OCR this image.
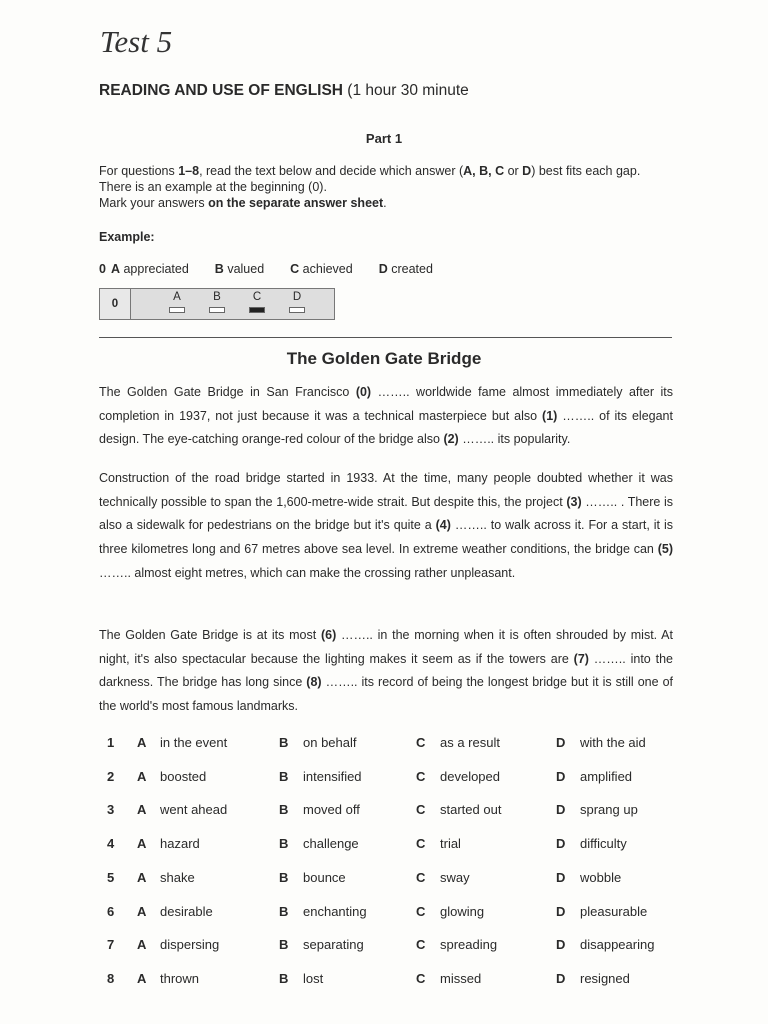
Test 5
READING AND USE OF ENGLISH (1 hour 30 minute
Part 1
For questions 1–8, read the text below and decide which answer (A, B, C or D) best fits each gap.
There is an example at the beginning (0).
Mark your answers on the separate answer sheet.
Example:
0 A appreciated B valued C achieved D created
0
A	B	C	D
The Golden Gate Bridge
The Golden Gate Bridge in San Francisco (0) …….. worldwide fame almost immediately after its completion in 1937, not just because it was a technical masterpiece but also (1) …….. of its elegant design. The eye-catching orange-red colour of the bridge also (2) …….. its popularity.
Construction of the road bridge started in 1933. At the time, many people doubted whether it was technically possible to span the 1,600-metre-wide strait. But despite this, the project (3) …….. . There is also a sidewalk for pedestrians on the bridge but it's quite a (4) …….. to walk across it. For a start, it is three kilometres long and 67 metres above sea level. In extreme weather conditions, the bridge can (5) …….. almost eight metres, which can make the crossing rather unpleasant.
The Golden Gate Bridge is at its most (6) …….. in the morning when it is often shrouded by mist. At night, it's also spectacular because the lighting makes it seem as if the towers are (7) …….. into the darkness. The bridge has long since (8) …….. its record of being the longest bridge but it is still one of the world's most famous landmarks.
1 A in the event	B on behalf	C as a result	D with the aid
2 A boosted	B intensified	C developed	D amplified
3 A went ahead	B moved off	C started out	D sprang up
4 A hazard	B challenge	C trial	D difficulty
5 A shake	B bounce	C sway	D wobble
6 A desirable	B enchanting	C glowing	D pleasurable
7 A dispersing	B separating	C spreading	D disappearing
8 A thrown	B lost	C missed	D resigned
